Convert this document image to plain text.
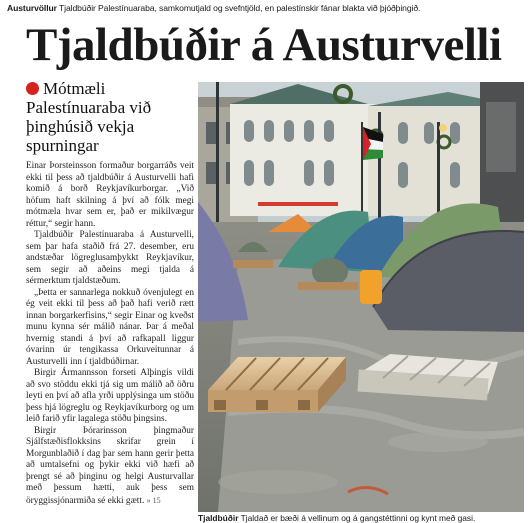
Austurvöllur Tjaldbúðir Palestínuaraba, samkomutjald og svefntjöld, en palestínskir fánar blakta við þjóðþingið.
Tjaldbúðir á Austurvelli
Mótmæli Palestínuaraba við þinghúsið vekja spurningar

Einar Þorsteinsson formaður borgarráðs veit ekki til þess að tjaldbúðir á Austurvelli hafi komið á borð Reykjavíkurborgar. „Við höfum haft skilning á því að fólk megi mótmæla hvar sem er, það er mikilvægur réttur,“ segir hann.

Tjaldbúðir Palestínuaraba á Austurvelli, sem þar hafa staðið frá 27. desember, eru andstæðar lögreglusamþykkt Reykjavíkur, sem segir að aðeins megi tjalda á sérmerktum tjaldstæðum.

„Þetta er sannarlega nokkuð óvenjulegt en ég veit ekki til þess að það hafi verið rætt innan borgarkerfisins,“ segir Einar og kveðst munu kynna sér málið nánar. Þar á meðal hvernig standi á því að rafkapall liggur óvarinn úr tengikassa Orkuveitunnar á Austurvelli inn í tjaldbúðirnar.

Birgir Ármannsson forseti Alþingis vildi að svo stöddu ekki tjá sig um málið að öðru leyti en því að afla yrði upplýsinga um stöðu þess hjá lögreglu og Reykjavíkurborg og um leið farið yfir lagalega stöðu þingsins.

Birgir Þórarinsson þingmaður Sjálfstæðisflokksins skrifar grein í Morgunblaðið í dag þar sem hann gerir þetta að umtalsefni og þykir ekki við hæfi að þrengt sé að þinginu og helgi Austurvallar með þessum hætti, auk þess sem öryggissjónarmiða sé ekki gætt. » 15

Tjaldbúðir Tjaldað er bæði á vellinum og á gangstéttinni og kynt með gasi.
